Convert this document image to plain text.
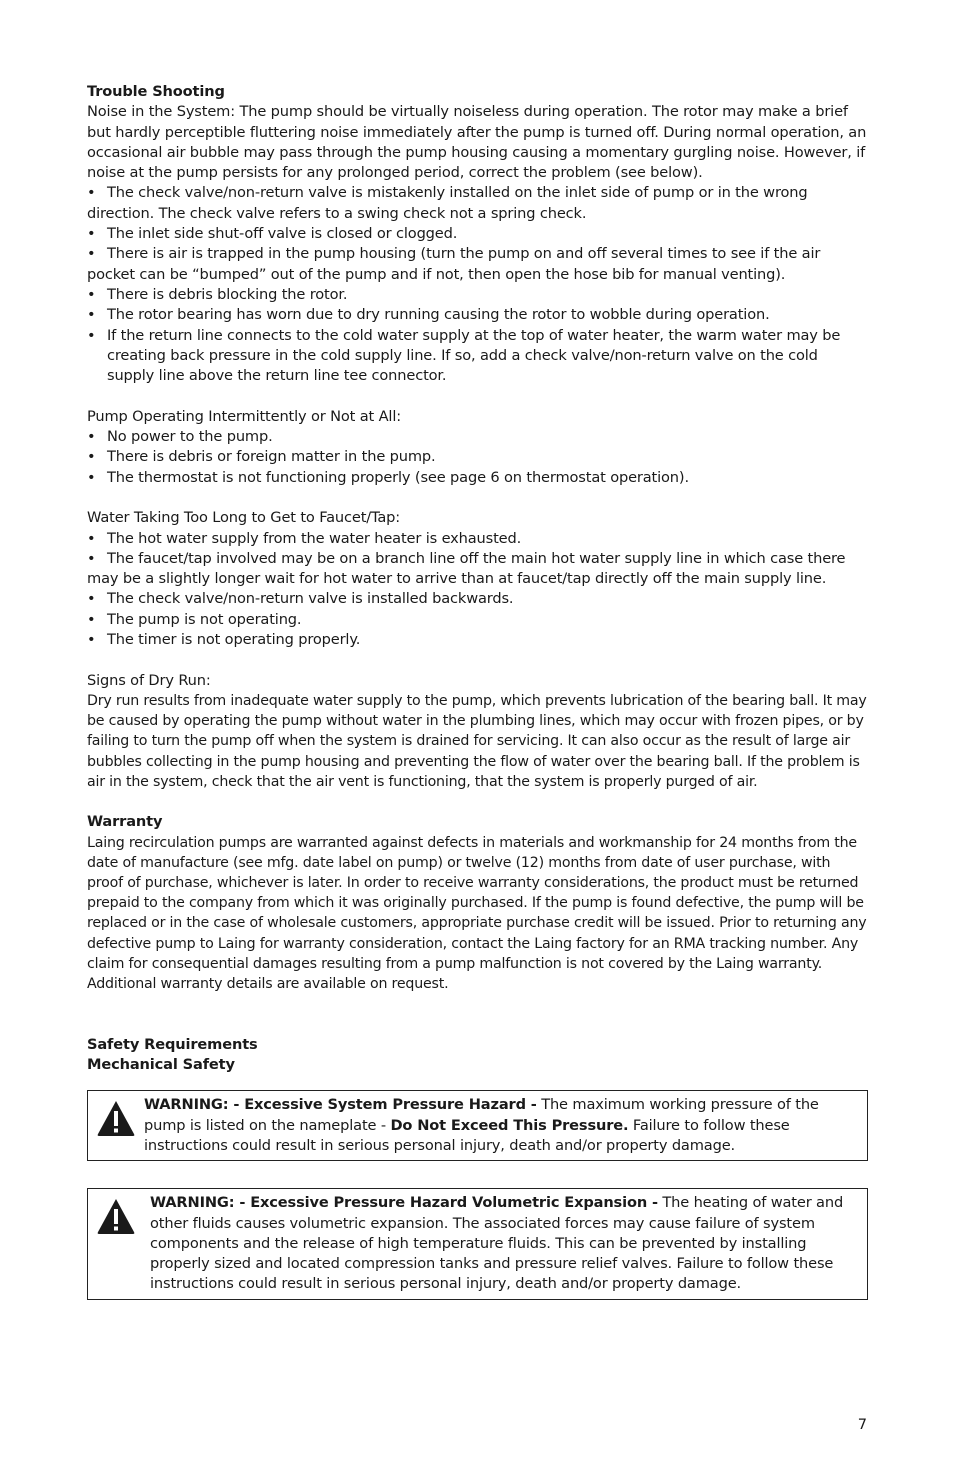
Trouble Shooting

Noise in the System: The pump should be virtually noiseless during operation. The rotor may make a brief but hardly perceptible fluttering noise immediately after the pump is turned off. During normal operation, an occasional air bubble may pass through the pump housing causing a momentary gurgling noise. However, if noise at the pump persists for any prolonged period, correct the problem (see below).

• The check valve/non-return valve is mistakenly installed on the inlet side of pump or in the wrong direction. The check valve refers to a swing check not a spring check.
• The inlet side shut-off valve is closed or clogged.
• There is air is trapped in the pump housing (turn the pump on and off several times to see if the air pocket can be “bumped” out of the pump and if not, then open the hose bib for manual venting).
• There is debris blocking the rotor.
• The rotor bearing has worn due to dry running causing the rotor to wobble during operation.
• If the return line connects to the cold water supply at the top of water heater, the warm water may be creating back pressure in the cold supply line. If so, add a check valve/non-return valve on the cold supply line above the return line tee connector.

Pump Operating Intermittently or Not at All:

• No power to the pump.
• There is debris or foreign matter in the pump.
• The thermostat is not functioning properly (see page 6 on thermostat operation).

Water Taking Too Long to Get to Faucet/Tap:

• The hot water supply from the water heater is exhausted.
• The faucet/tap involved may be on a branch line off the main hot water supply line in which case there may be a slightly longer wait for hot water to arrive than at faucet/tap directly off the main supply line.
• The check valve/non-return valve is installed backwards.
• The pump is not operating.
• The timer is not operating properly.

Signs of Dry Run:

Dry run results from inadequate water supply to the pump, which prevents lubrication of the bearing ball. It may be caused by operating the pump without water in the plumbing lines, which may occur with frozen pipes, or by failing to turn the pump off when the system is drained for servicing. It can also occur as the result of large air bubbles collecting in the pump housing and preventing the flow of water over the bearing ball. If the problem is air in the system, check that the air vent is functioning, that the system is properly purged of air.

Warranty

Laing recirculation pumps are warranted against defects in materials and workmanship for 24 months from the date of manufacture (see mfg. date label on pump) or twelve (12) months from date of user purchase, with proof of purchase, whichever is later. In order to receive warranty considerations, the product must be returned prepaid to the company from which it was originally purchased. If the pump is found defective, the pump will be replaced or in the case of wholesale customers, appropriate purchase credit will be issued. Prior to returning any defective pump to Laing for warranty consideration, contact the Laing factory for an RMA tracking number. Any claim for consequential damages resulting from a pump malfunction is not covered by the Laing warranty. Additional warranty details are available on request.

Safety Requirements
Mechanical Safety
WARNING: - Excessive System Pressure Hazard - The maximum working pressure of the pump is listed on the nameplate - Do Not Exceed This Pressure. Failure to follow these instructions could result in serious personal injury, death and/or property damage.
WARNING: - Excessive Pressure Hazard Volumetric Expansion - The heating of water and other fluids causes volumetric expansion. The associated forces may cause failure of system components and the release of high temperature fluids. This can be prevented by installing properly sized and located compression tanks and pressure relief valves. Failure to follow these instructions could result in serious personal injury, death and/or property damage.
7
